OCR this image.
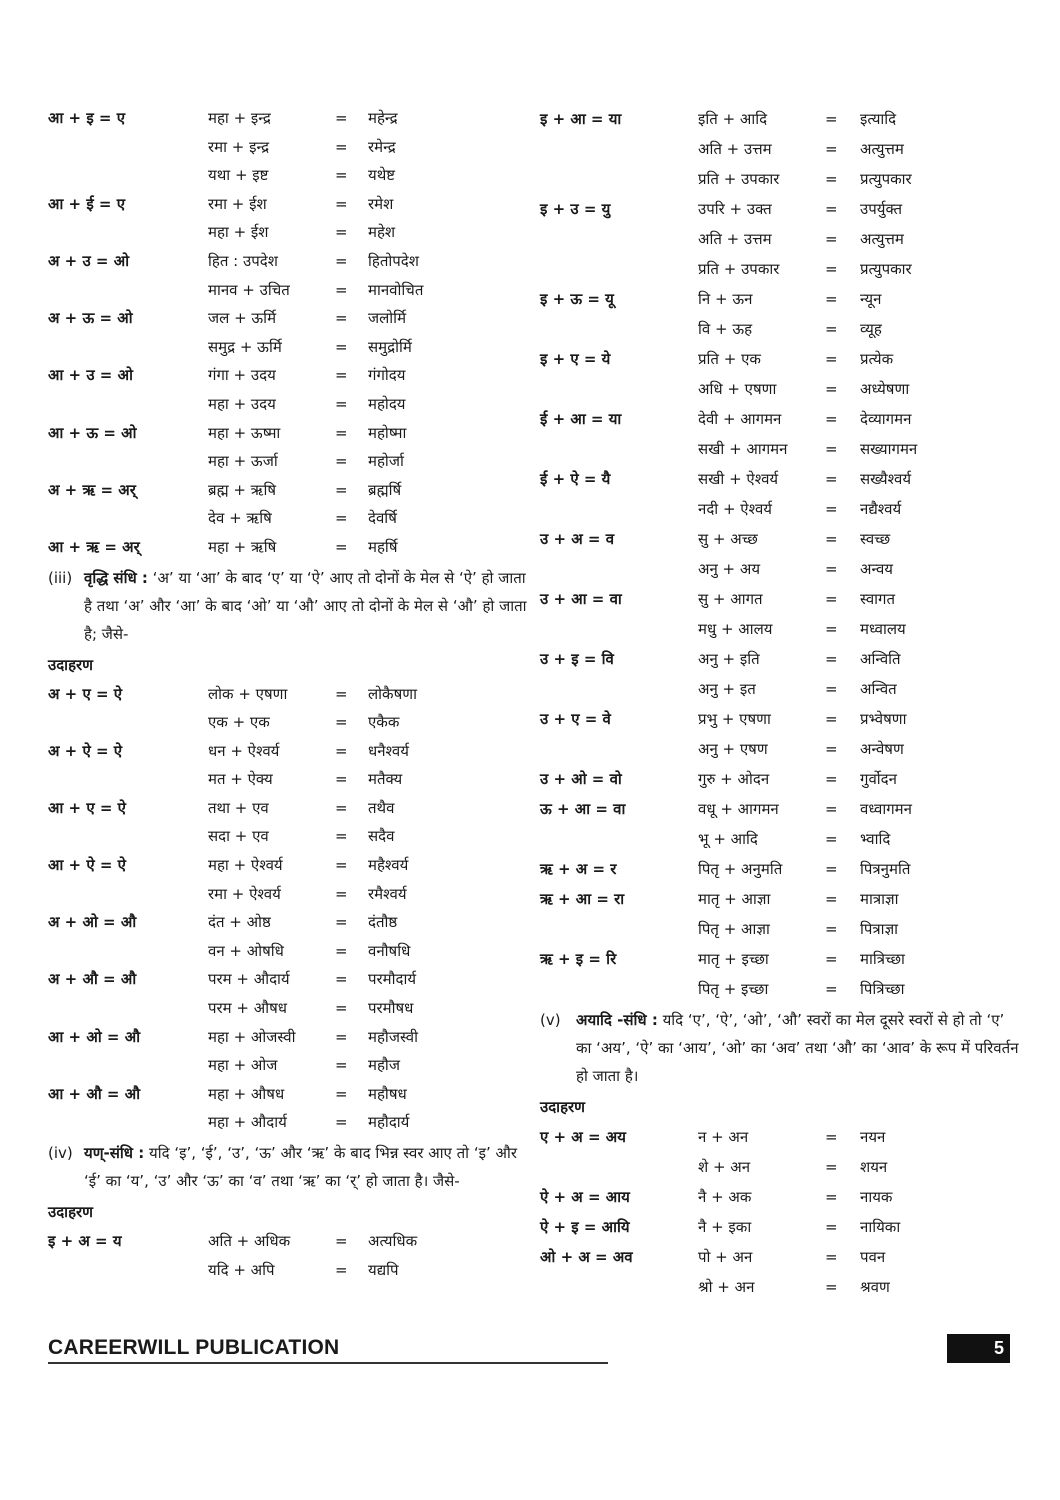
आ + इ = ए	महा + इन्द्र	= महेन्द्र
रमा + इन्द्र	= रमेन्द्र
यथा + इष्ट	= यथेष्ट
आ + ई = ए	रमा + ईश	= रमेश
महा + ईश	= महेश
अ + उ = ओ	हित : उपदेश	= हितोपदेश
मानव + उचित	= मानवोचित
अ + ऊ = ओ	जल + ऊर्मि	= जलोर्मि
समुद्र + ऊर्मि	= समुद्रोर्मि
आ + उ = ओ	गंगा + उदय	= गंगोदय
महा + उदय	= महोदय
आ + ऊ = ओ	महा + ऊष्मा	= महोष्मा
महा + ऊर्जा	= महोर्जा
अ + ऋ = अर्	ब्रह्म + ऋषि	= ब्रह्मर्षि
देव + ऋषि	= देवर्षि
आ + ऋ = अर्	महा + ऋषि	= महर्षि
(iii) वृद्धि संधि : ‘अ’ या ‘आ’ के बाद ‘ए’ या ‘ऐ’ आए तो दोनों के मेल से ‘ऐ’ हो जाता है तथा ‘अ’ और ‘आ’ के बाद ‘ओ’ या ‘औ’ आए तो दोनों के मेल से ‘औ’ हो जाता है; जैसे-
उदाहरण
अ + ए = ऐ	लोक + एषणा	= लोकैषणा
एक + एक	= एकैक
अ + ऐ = ऐ	धन + ऐश्वर्य	= धनैश्वर्य
मत + ऐक्य	= मतैक्य
आ + ए = ऐ	तथा + एव	= तथैव
सदा + एव	= सदैव
आ + ऐ = ऐ	महा + ऐश्वर्य	= महैश्वर्य
रमा + ऐश्वर्य	= रमैश्वर्य
अ + ओ = औ	दंत + ओष्ठ	= दंतौष्ठ
वन + ओषधि	= वनौषधि
अ + औ = औ	परम + औदार्य	= परमौदार्य
परम + औषध	= परमौषध
आ + ओ = औ	महा + ओजस्वी	= महौजस्वी
महा + ओज	= महौज
आ + औ = औ	महा + औषध	= महौषध
महा + औदार्य	= महौदार्य
(iv) यण्-संधि : यदि ‘इ’, ‘ई’, ‘उ’, ‘ऊ’ और ‘ऋ’ के बाद भिन्न स्वर आए तो ‘इ’ और ‘ई’ का ‘य’, ‘उ’ और ‘ऊ’ का ‘व’ तथा ‘ऋ’ का ‘र्’ हो जाता है। जैसे-
उदाहरण
इ + अ = य	अति + अधिक	= अत्यधिक
यदि + अपि	= यद्यपि
इ + आ = या	इति + आदि	= इत्यादि
अति + उत्तम	= अत्युत्तम
प्रति + उपकार	= प्रत्युपकार
इ + उ = यु	उपरि + उक्त	= उपर्युक्त
अति + उत्तम	= अत्युत्तम
प्रति + उपकार	= प्रत्युपकार
इ + ऊ = यू	नि + ऊन	= न्यून
वि + ऊह	= व्यूह
इ + ए = ये	प्रति + एक	= प्रत्येक
अधि + एषणा	= अध्येषणा
ई + आ = या	देवी + आगमन	= देव्यागमन
सखी + आगमन	= सख्यागमन
ई + ऐ = यै	सखी + ऐश्वर्य	= सख्यैश्वर्य
नदी + ऐश्वर्य	= नद्यैश्वर्य
उ + अ = व	सु + अच्छ	= स्वच्छ
अनु + अय	= अन्वय
उ + आ = वा	सु + आगत	= स्वागत
मधु + आलय	= मध्वालय
उ + इ = वि	अनु + इति	= अन्विति
अनु + इत	= अन्वित
उ + ए = वे	प्रभु + एषणा	= प्रभ्वेषणा
अनु + एषण	= अन्वेषण
उ + ओ = वो	गुरु + ओदन	= गुर्वोदन
ऊ + आ = वा	वधू + आगमन	= वध्वागमन
भू + आदि	= भ्वादि
ऋ + अ = र	पितृ + अनुमति	= पित्रनुमति
ऋ + आ = रा	मातृ + आज्ञा	= मात्राज्ञा
पितृ + आज्ञा	= पित्राज्ञा
ऋ + इ = रि	मातृ + इच्छा	= मात्रिच्छा
पितृ + इच्छा	= पित्रिच्छा
(v) अयादि -संधि : यदि ‘ए’, ‘ऐ’, ‘ओ’, ‘औ’ स्वरों का मेल दूसरे स्वरों से हो तो ‘ए’ का ‘अय’, ‘ऐ’ का ‘आय’, ‘ओ’ का ‘अव’ तथा ‘औ’ का ‘आव’ के रूप में परिवर्तन हो जाता है।
उदाहरण
ए + अ = अय	न + अन	= नयन
शे + अन	= शयन
ऐ + अ = आय	नै + अक	= नायक
ऐ + इ = आयि	नै + इका	= नायिका
ओ + अ = अव	पो + अन	= पवन
श्रो + अन	= श्रवण
CAREERWILL PUBLICATION	5
